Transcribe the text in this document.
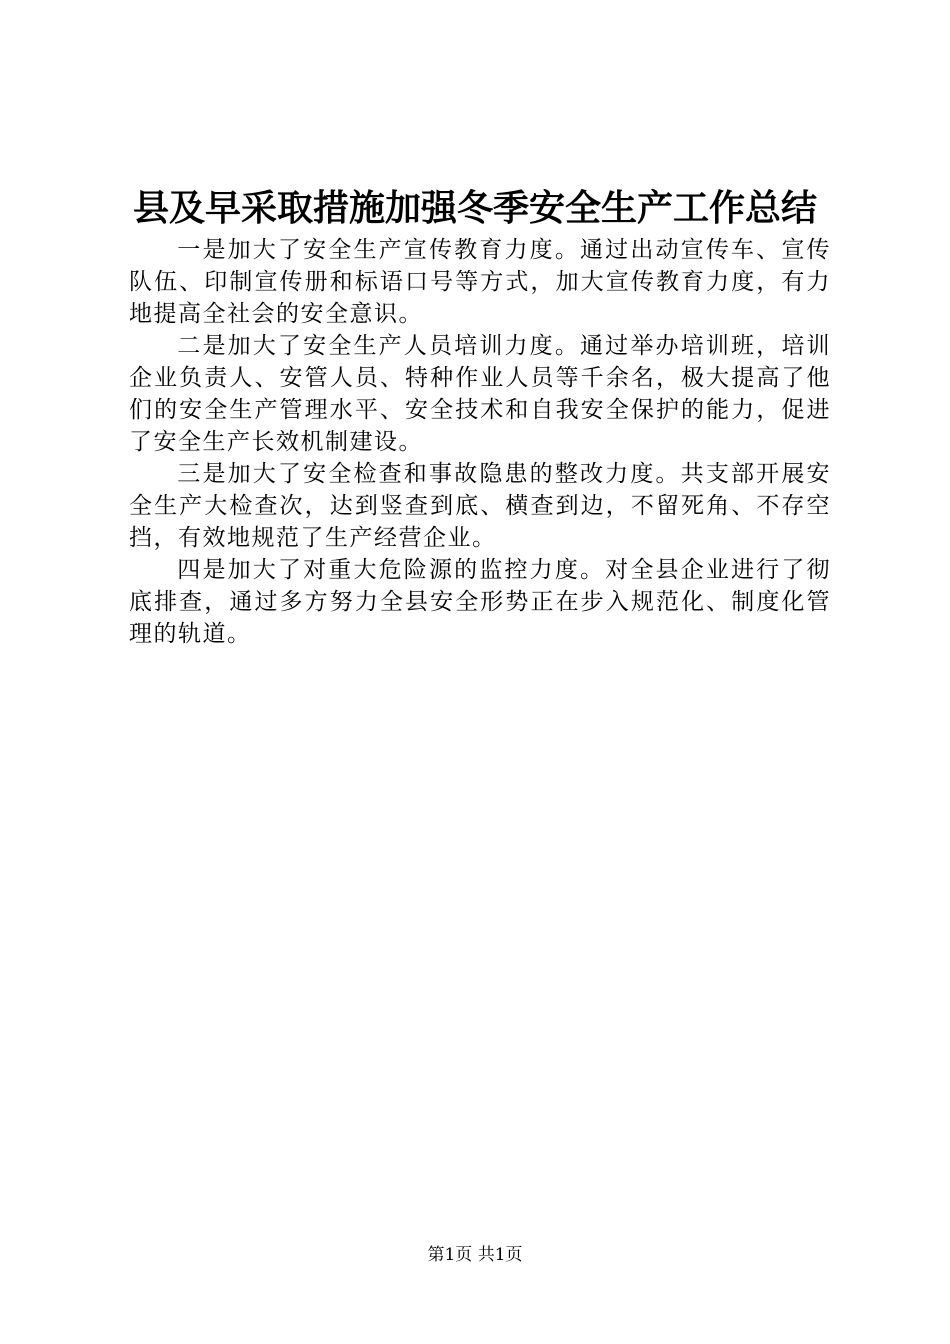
县及早采取措施加强冬季安全生产工作总结

一是加大了安全生产宣传教育力度。通过出动宣传车、宣传队伍、印制宣传册和标语口号等方式，加大宣传教育力度，有力地提高全社会的安全意识。

二是加大了安全生产人员培训力度。通过举办培训班，培训企业负责人、安管人员、特种作业人员等千余名，极大提高了他们的安全生产管理水平、安全技术和自我安全保护的能力，促进了安全生产长效机制建设。

三是加大了安全检查和事故隐患的整改力度。共支部开展安全生产大检查次，达到竖查到底、横查到边，不留死角、不存空挡，有效地规范了生产经营企业。

四是加大了对重大危险源的监控力度。对全县企业进行了彻底排查，通过多方努力全县安全形势正在步入规范化、制度化管理的轨道。

第1页 共1页
